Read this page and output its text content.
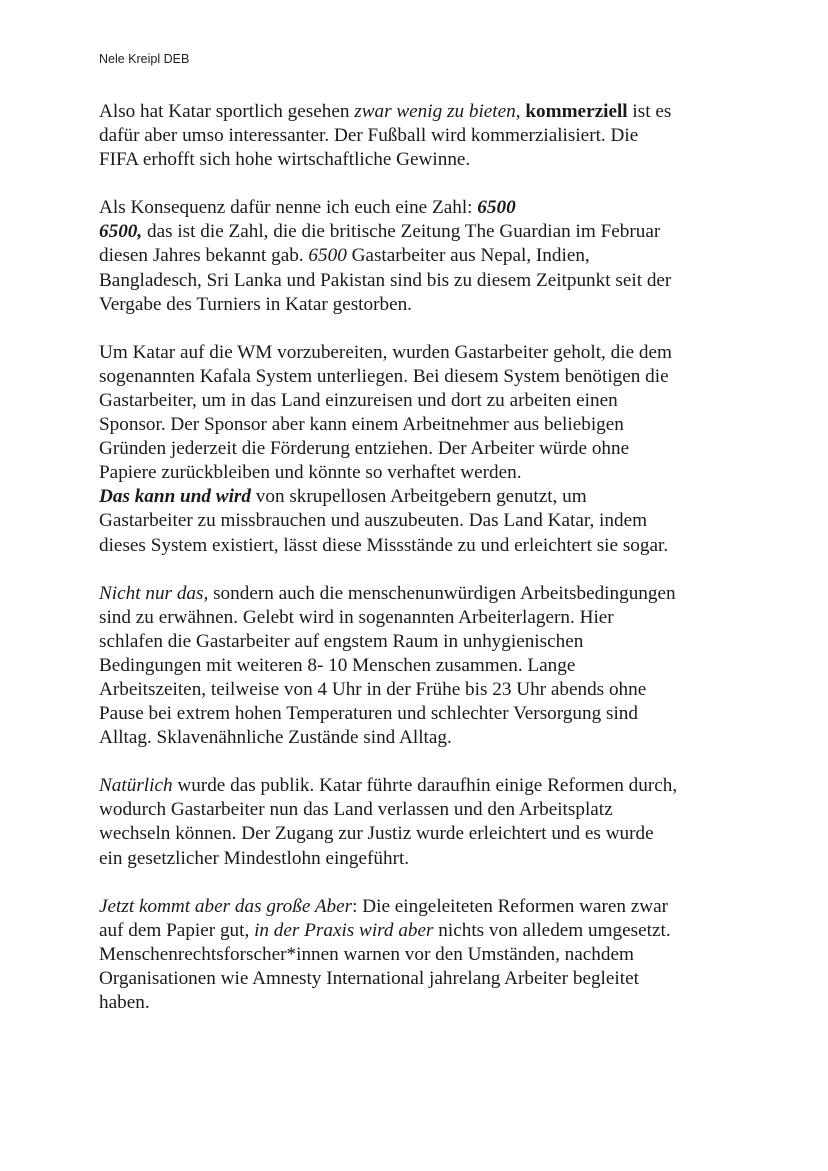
Nele Kreipl DEB
Also hat Katar sportlich gesehen zwar wenig zu bieten, kommerziell ist es
dafür aber umso interessanter. Der Fußball wird kommerzialisiert. Die
FIFA erhofft sich hohe wirtschaftliche Gewinne.
Als Konsequenz dafür nenne ich euch eine Zahl: 6500
6500, das ist die Zahl, die die britische Zeitung The Guardian im Februar
diesen Jahres bekannt gab. 6500 Gastarbeiter aus Nepal, Indien,
Bangladesch, Sri Lanka und Pakistan sind bis zu diesem Zeitpunkt seit der
Vergabe des Turniers in Katar gestorben.
Um Katar auf die WM vorzubereiten, wurden Gastarbeiter geholt, die dem
sogenannten Kafala System unterliegen. Bei diesem System benötigen die
Gastarbeiter, um in das Land einzureisen und dort zu arbeiten einen
Sponsor. Der Sponsor aber kann einem Arbeitnehmer aus beliebigen
Gründen jederzeit die Förderung entziehen. Der Arbeiter würde ohne
Papiere zurückbleiben und könnte so verhaftet werden.
Das kann und wird von skrupellosen Arbeitgebern genutzt, um
Gastarbeiter zu missbrauchen und auszubeuten. Das Land Katar, indem
dieses System existiert, lässt diese Missstände zu und erleichtert sie sogar.
Nicht nur das, sondern auch die menschenunwürdigen Arbeitsbedingungen
sind zu erwähnen. Gelebt wird in sogenannten Arbeiterlagern. Hier
schlafen die Gastarbeiter auf engstem Raum in unhygienischen
Bedingungen mit weiteren 8- 10 Menschen zusammen. Lange
Arbeitszeiten, teilweise von 4 Uhr in der Frühe bis 23 Uhr abends ohne
Pause bei extrem hohen Temperaturen und schlechter Versorgung sind
Alltag. Sklavenähnliche Zustände sind Alltag.
Natürlich wurde das publik. Katar führte daraufhin einige Reformen durch,
wodurch Gastarbeiter nun das Land verlassen und den Arbeitsplatz
wechseln können. Der Zugang zur Justiz wurde erleichtert und es wurde
ein gesetzlicher Mindestlohn eingeführt.
Jetzt kommt aber das große Aber: Die eingeleiteten Reformen waren zwar
auf dem Papier gut, in der Praxis wird aber nichts von alledem umgesetzt.
Menschenrechtsforscher*innen warnen vor den Umständen, nachdem
Organisationen wie Amnesty International jahrelang Arbeiter begleitet
haben.
